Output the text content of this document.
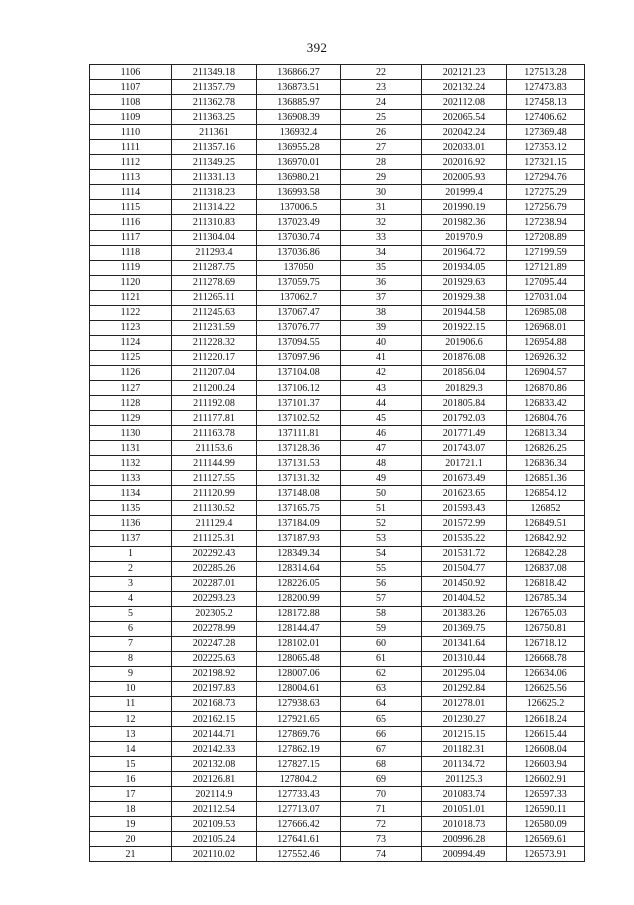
392
1106	211349.18	136866.27	22	202121.23	127513.28
1107	211357.79	136873.51	23	202132.24	127473.83
1108	211362.78	136885.97	24	202112.08	127458.13
1109	211363.25	136908.39	25	202065.54	127406.62
1110	211361	136932.4	26	202042.24	127369.48
1111	211357.16	136955.28	27	202033.01	127353.12
1112	211349.25	136970.01	28	202016.92	127321.15
1113	211331.13	136980.21	29	202005.93	127294.76
1114	211318.23	136993.58	30	201999.4	127275.29
1115	211314.22	137006.5	31	201990.19	127256.79
1116	211310.83	137023.49	32	201982.36	127238.94
1117	211304.04	137030.74	33	201970.9	127208.89
1118	211293.4	137036.86	34	201964.72	127199.59
1119	211287.75	137050	35	201934.05	127121.89
1120	211278.69	137059.75	36	201929.63	127095.44
1121	211265.11	137062.7	37	201929.38	127031.04
1122	211245.63	137067.47	38	201944.58	126985.08
1123	211231.59	137076.77	39	201922.15	126968.01
1124	211228.32	137094.55	40	201906.6	126954.88
1125	211220.17	137097.96	41	201876.08	126926.32
1126	211207.04	137104.08	42	201856.04	126904.57
1127	211200.24	137106.12	43	201829.3	126870.86
1128	211192.08	137101.37	44	201805.84	126833.42
1129	211177.81	137102.52	45	201792.03	126804.76
1130	211163.78	137111.81	46	201771.49	126813.34
1131	211153.6	137128.36	47	201743.07	126826.25
1132	211144.99	137131.53	48	201721.1	126836.34
1133	211127.55	137131.32	49	201673.49	126851.36
1134	211120.99	137148.08	50	201623.65	126854.12
1135	211130.52	137165.75	51	201593.43	126852
1136	211129.4	137184.09	52	201572.99	126849.51
1137	211125.31	137187.93	53	201535.22	126842.92
1	202292.43	128349.34	54	201531.72	126842.28
2	202285.26	128314.64	55	201504.77	126837.08
3	202287.01	128226.05	56	201450.92	126818.42
4	202293.23	128200.99	57	201404.52	126785.34
5	202305.2	128172.88	58	201383.26	126765.03
6	202278.99	128144.47	59	201369.75	126750.81
7	202247.28	128102.01	60	201341.64	126718.12
8	202225.63	128065.48	61	201310.44	126668.78
9	202198.92	128007.06	62	201295.04	126634.06
10	202197.83	128004.61	63	201292.84	126625.56
11	202168.73	127938.63	64	201278.01	126625.2
12	202162.15	127921.65	65	201230.27	126618.24
13	202144.71	127869.76	66	201215.15	126615.44
14	202142.33	127862.19	67	201182.31	126608.04
15	202132.08	127827.15	68	201134.72	126603.94
16	202126.81	127804.2	69	201125.3	126602.91
17	202114.9	127733.43	70	201083.74	126597.33
18	202112.54	127713.07	71	201051.01	126590.11
19	202109.53	127666.42	72	201018.73	126580.09
20	202105.24	127641.61	73	200996.28	126569.61
21	202110.02	127552.46	74	200994.49	126573.91
